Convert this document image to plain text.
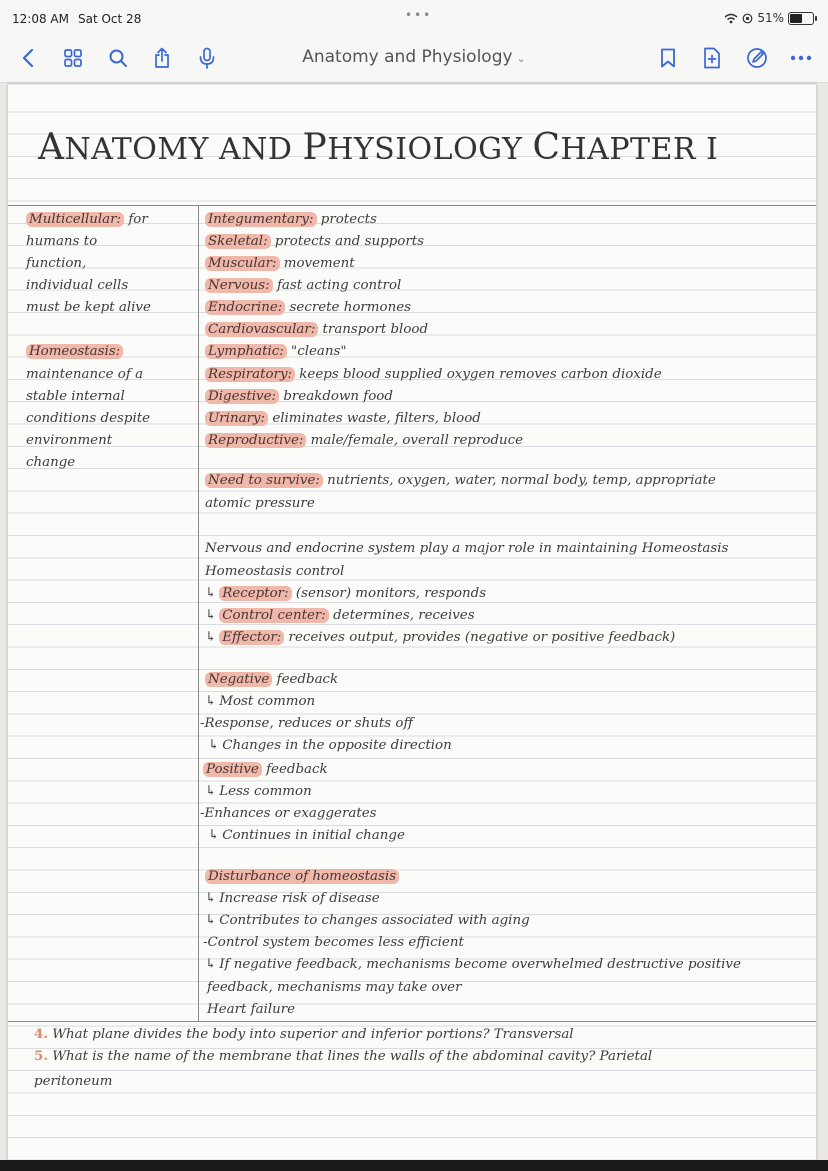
12:08 AM Sat Oct 28	•••	51%
Anatomy and Physiology ⌄
ANATOMY AND PHYSIOLOGY CHAPTER I

Multicellular: for

humans to

function,

individual cells

must be kept alive

Homeostasis:

maintenance of a

stable internal

conditions despite

environment

change

Integumentary: protects

Skeletal: protects and supports

Muscular: movement

Nervous: fast acting control

Endocrine: secrete hormones

Cardiovascular: transport blood

Lymphatic: "cleans"

Respiratory: keeps blood supplied oxygen removes carbon dioxide

Digestive: breakdown food

Urinary: eliminates waste, filters, blood

Reproductive: male/female, overall reproduce

Need to survive: nutrients, oxygen, water, normal body, temp, appropriate

atomic pressure

Nervous and endocrine system play a major role in maintaining Homeostasis

Homeostasis control

↳ Receptor: (sensor) monitors, responds

↳ Control center: determines, receives

↳ Effector: receives output, provides (negative or positive feedback)

Negative feedback

↳ Most common

-Response, reduces or shuts off

↳ Changes in the opposite direction

Positive feedback

↳ Less common

-Enhances or exaggerates

↳ Continues in initial change

Disturbance of homeostasis

↳ Increase risk of disease

↳ Contributes to changes associated with aging

-Control system becomes less efficient

↳ If negative feedback, mechanisms become overwhelmed destructive positive

feedback, mechanisms may take over

Heart failure

4. What plane divides the body into superior and inferior portions? Transversal

5. What is the name of the membrane that lines the walls of the abdominal cavity? Parietal

peritoneum
